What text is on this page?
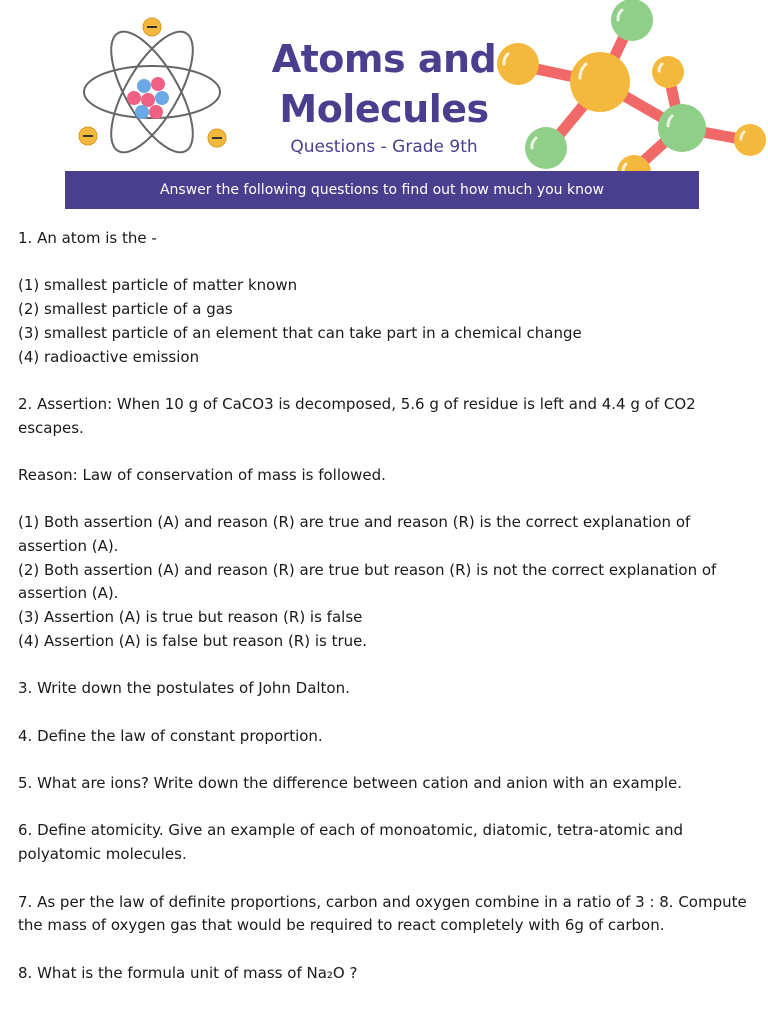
Atoms and
Molecules
Questions - Grade 9th
Answer the following questions to find out how much you know

1. An atom is the -

(1) smallest particle of matter known

(2) smallest particle of a gas

(3) smallest particle of an element that can take part in a chemical change

(4) radioactive emission

2. Assertion: When 10 g of CaCO3 is decomposed, 5.6 g of residue is left and 4.4 g of CO2 escapes.

Reason: Law of conservation of mass is followed.

(1) Both assertion (A) and reason (R) are true and reason (R) is the correct explanation of assertion (A).

(2) Both assertion (A) and reason (R) are true but reason (R) is not the correct explanation of assertion (A).

(3) Assertion (A) is true but reason (R) is false

(4) Assertion (A) is false but reason (R) is true.

3. Write down the postulates of John Dalton.

4. Define the law of constant proportion.

5. What are ions? Write down the difference between cation and anion with an example.

6. Define atomicity. Give an example of each of monoatomic, diatomic, tetra-atomic and polyatomic molecules.

7. As per the law of definite proportions, carbon and oxygen combine in a ratio of 3 : 8. Compute the mass of oxygen gas that would be required to react completely with 6g of carbon.

8. What is the formula unit of mass of Na₂O ?
